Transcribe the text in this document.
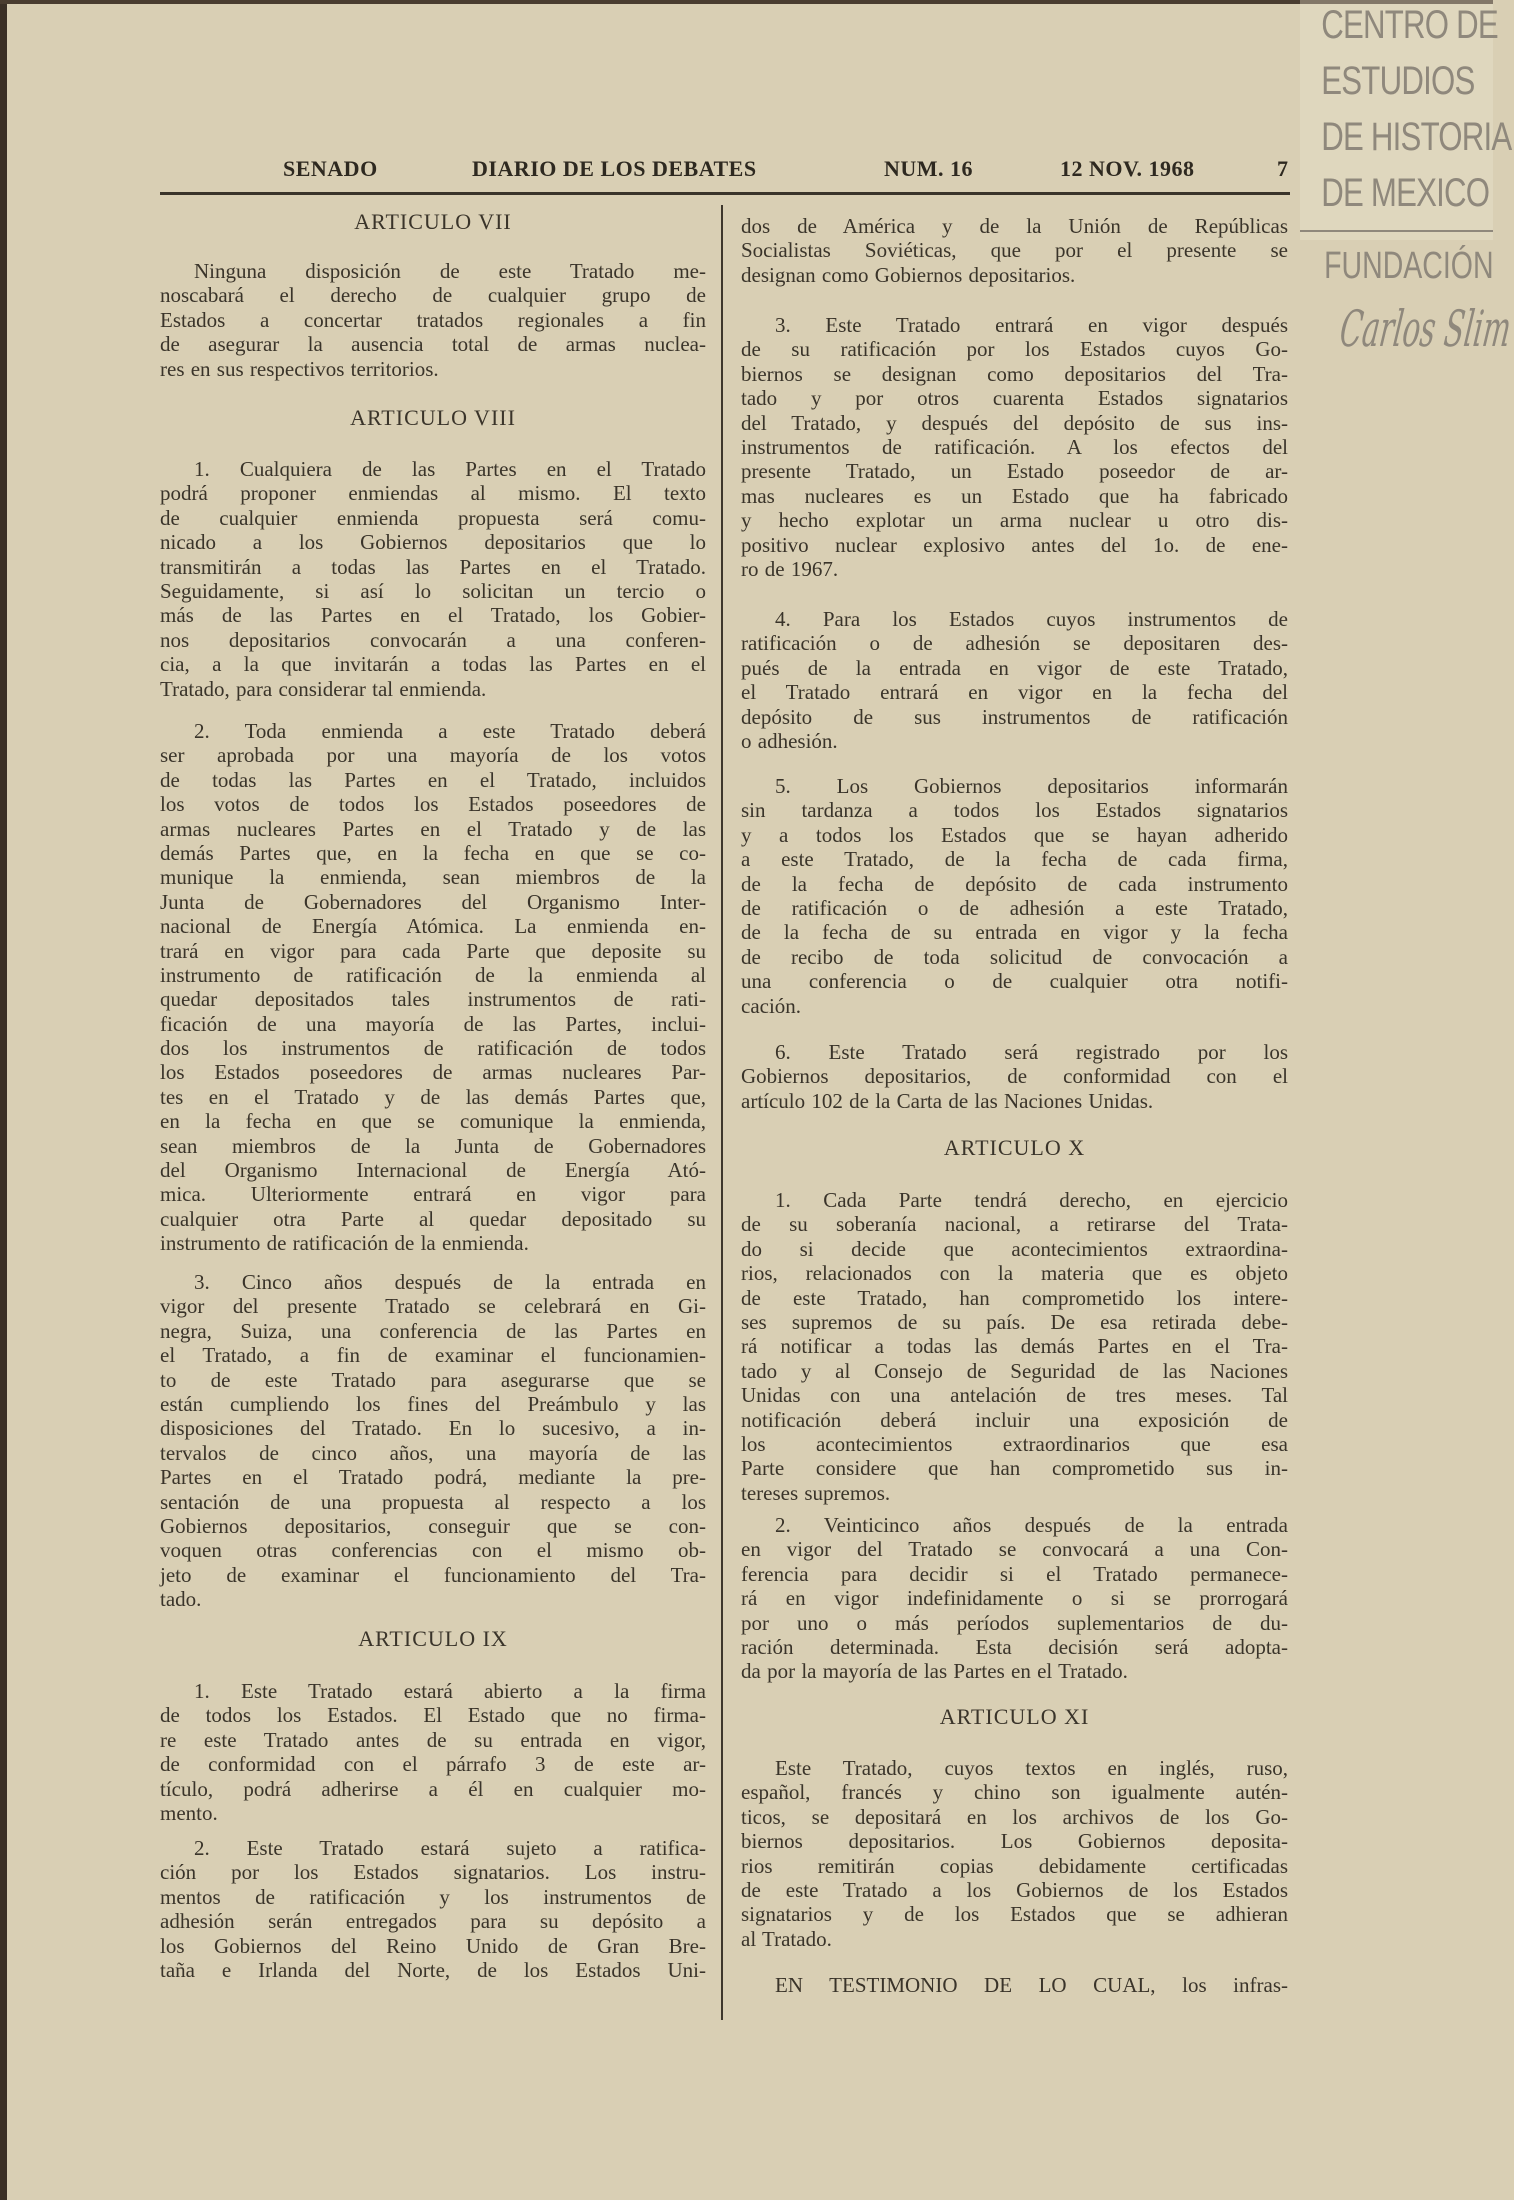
CENTRO DE
ESTUDIOS
DE HISTORIA
DE MEXICO
FUNDACIÓN
Carlos Slim
SENADO	DIARIO DE LOS DEBATES	NUM. 16	12 NOV. 1968	7
ARTICULO VII
Ninguna disposición de este Tratado me-
noscabará el derecho de cualquier grupo de
Estados a concertar tratados regionales a fin
de asegurar la ausencia total de armas nuclea-
res en sus respectivos territorios.
ARTICULO VIII
1. Cualquiera de las Partes en el Tratado
podrá proponer enmiendas al mismo. El texto
de cualquier enmienda propuesta será comu-
nicado a los Gobiernos depositarios que lo
transmitirán a todas las Partes en el Tratado.
Seguidamente, si así lo solicitan un tercio o
más de las Partes en el Tratado, los Gobier-
nos depositarios convocarán a una conferen-
cia, a la que invitarán a todas las Partes en el
Tratado, para considerar tal enmienda.
2. Toda enmienda a este Tratado deberá
ser aprobada por una mayoría de los votos
de todas las Partes en el Tratado, incluidos
los votos de todos los Estados poseedores de
armas nucleares Partes en el Tratado y de las
demás Partes que, en la fecha en que se co-
munique la enmienda, sean miembros de la
Junta de Gobernadores del Organismo Inter-
nacional de Energía Atómica. La enmienda en-
trará en vigor para cada Parte que deposite su
instrumento de ratificación de la enmienda al
quedar depositados tales instrumentos de rati-
ficación de una mayoría de las Partes, inclui-
dos los instrumentos de ratificación de todos
los Estados poseedores de armas nucleares Par-
tes en el Tratado y de las demás Partes que,
en la fecha en que se comunique la enmienda,
sean miembros de la Junta de Gobernadores
del Organismo Internacional de Energía Ató-
mica. Ulteriormente entrará en vigor para
cualquier otra Parte al quedar depositado su
instrumento de ratificación de la enmienda.
3. Cinco años después de la entrada en
vigor del presente Tratado se celebrará en Gi-
negra, Suiza, una conferencia de las Partes en
el Tratado, a fin de examinar el funcionamien-
to de este Tratado para asegurarse que se
están cumpliendo los fines del Preámbulo y las
disposiciones del Tratado. En lo sucesivo, a in-
tervalos de cinco años, una mayoría de las
Partes en el Tratado podrá, mediante la pre-
sentación de una propuesta al respecto a los
Gobiernos depositarios, conseguir que se con-
voquen otras conferencias con el mismo ob-
jeto de examinar el funcionamiento del Tra-
tado.
ARTICULO IX
1. Este Tratado estará abierto a la firma
de todos los Estados. El Estado que no firma-
re este Tratado antes de su entrada en vigor,
de conformidad con el párrafo 3 de este ar-
tículo, podrá adherirse a él en cualquier mo-
mento.
2. Este Tratado estará sujeto a ratifica-
ción por los Estados signatarios. Los instru-
mentos de ratificación y los instrumentos de
adhesión serán entregados para su depósito a
los Gobiernos del Reino Unido de Gran Bre-
taña e Irlanda del Norte, de los Estados Uni-
dos de América y de la Unión de Repúblicas
Socialistas Soviéticas, que por el presente se
designan como Gobiernos depositarios.
3. Este Tratado entrará en vigor después
de su ratificación por los Estados cuyos Go-
biernos se designan como depositarios del Tra-
tado y por otros cuarenta Estados signatarios
del Tratado, y después del depósito de sus ins-
instrumentos de ratificación. A los efectos del
presente Tratado, un Estado poseedor de ar-
mas nucleares es un Estado que ha fabricado
y hecho explotar un arma nuclear u otro dis-
positivo nuclear explosivo antes del 1o. de ene-
ro de 1967.
4. Para los Estados cuyos instrumentos de
ratificación o de adhesión se depositaren des-
pués de la entrada en vigor de este Tratado,
el Tratado entrará en vigor en la fecha del
depósito de sus instrumentos de ratificación
o adhesión.
5. Los Gobiernos depositarios informarán
sin tardanza a todos los Estados signatarios
y a todos los Estados que se hayan adherido
a este Tratado, de la fecha de cada firma,
de la fecha de depósito de cada instrumento
de ratificación o de adhesión a este Tratado,
de la fecha de su entrada en vigor y la fecha
de recibo de toda solicitud de convocación a
una conferencia o de cualquier otra notifi-
cación.
6. Este Tratado será registrado por los
Gobiernos depositarios, de conformidad con el
artículo 102 de la Carta de las Naciones Unidas.
ARTICULO X
1. Cada Parte tendrá derecho, en ejercicio
de su soberanía nacional, a retirarse del Trata-
do si decide que acontecimientos extraordina-
rios, relacionados con la materia que es objeto
de este Tratado, han comprometido los intere-
ses supremos de su país. De esa retirada debe-
rá notificar a todas las demás Partes en el Tra-
tado y al Consejo de Seguridad de las Naciones
Unidas con una antelación de tres meses. Tal
notificación deberá incluir una exposición de
los acontecimientos extraordinarios que esa
Parte considere que han comprometido sus in-
tereses supremos.
2. Veinticinco años después de la entrada
en vigor del Tratado se convocará a una Con-
ferencia para decidir si el Tratado permanece-
rá en vigor indefinidamente o si se prorrogará
por uno o más períodos suplementarios de du-
ración determinada. Esta decisión será adopta-
da por la mayoría de las Partes en el Tratado.
ARTICULO XI
Este Tratado, cuyos textos en inglés, ruso,
español, francés y chino son igualmente autén-
ticos, se depositará en los archivos de los Go-
biernos depositarios. Los Gobiernos deposita-
rios remitirán copias debidamente certificadas
de este Tratado a los Gobiernos de los Estados
signatarios y de los Estados que se adhieran
al Tratado.
EN TESTIMONIO DE LO CUAL, los infras-
